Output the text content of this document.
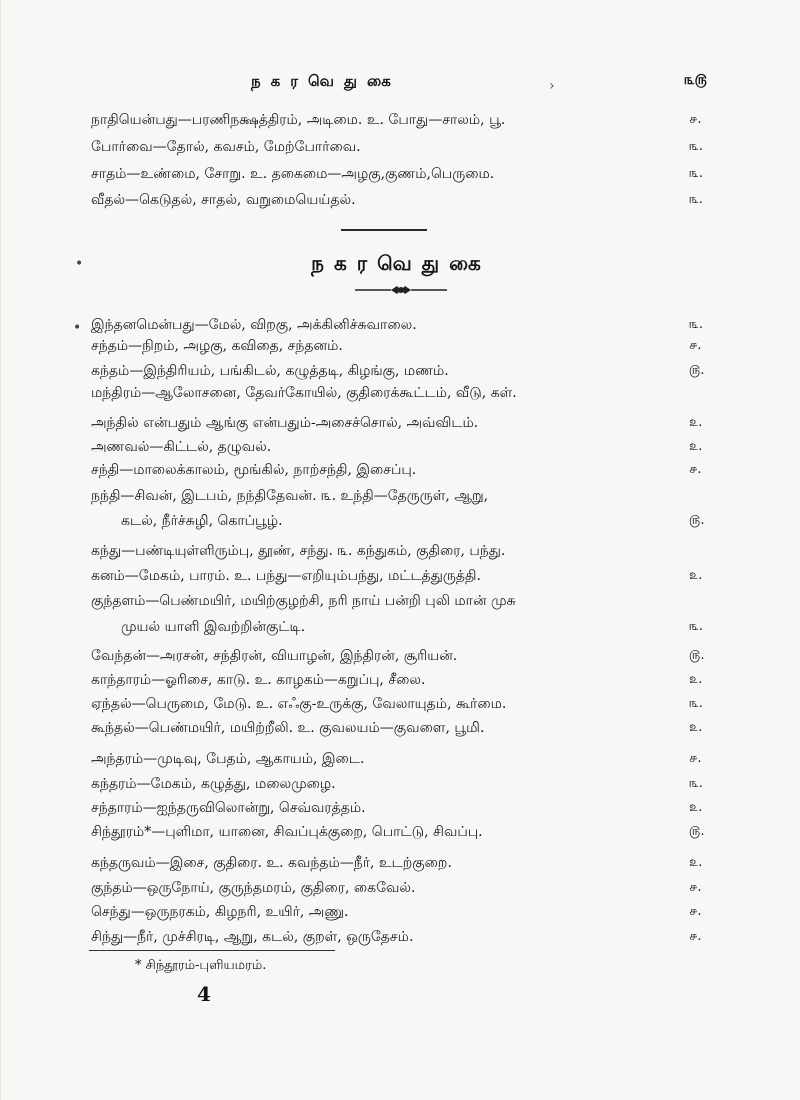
நகரவெதுகை	௩௫
நாதியென்பது—பரணிநக்ஷத்திரம், அடிமை. உ. போது—சாலம், பூ.	௪.
போர்வை—தோல், கவசம், மேற்போர்வை.	௩.
சாதம்—உண்மை, சோறு. உ. தகைமை—அழகு,குணம்,பெருமை.	௩.
வீதல்—கெடுதல், சாதல், வறுமையெய்தல்.	௩.
நகரவெதுகை
இந்தனமென்பது—மேல், விறகு, அக்கினிச்சுவாலை.	௩.
சந்தம்—நிறம், அழகு, கவிதை, சந்தனம்.	௪.
கந்தம்—இந்திரியம், பங்கிடல், கழுத்தடி, கிழங்கு, மணம்.	௫.
மந்திரம்—ஆலோசனை, தேவர்கோயில், குதிரைக்கூட்டம், வீடு, கள்.
அந்தில் என்பதும் ஆங்கு என்பதும்-அசைச்சொல், அவ்விடம்.	௨.
அணவல்—கிட்டல், தழுவல்.	௨.
சந்தி—மாலைக்காலம், மூங்கில், நாற்சந்தி, இசைப்பு.	௪.
நந்தி—சிவன், இடபம், நந்திதேவன். ௩. உந்தி—தேருருள், ஆறு,
கடல், நீர்ச்சுழி, கொப்பூழ்.	௫.
கந்து—பண்டியுள்ளிரும்பு, தூண், சந்து. ௩. கந்துகம், குதிரை, பந்து.
கனம்—மேகம், பாரம். உ. பந்து—எறியும்பந்து, மட்டத்துருத்தி.	௨.
குந்தளம்—பெண்மயிர், மயிற்குழற்சி, நரி நாய் பன்றி புலி மான் முசு
முயல் யாளி இவற்றின்குட்டி.	௩.
வேந்தன்—அரசன், சந்திரன், வியாழன், இந்திரன், சூரியன்.	௫.
காந்தாரம்—ஓரிசை, காடு. உ. காழகம்—கறுப்பு, சீலை.	௨.
ஏந்தல்—பெருமை, மேடு. உ. எஃகு-உருக்கு, வேலாயுதம், கூர்மை.	௩.
கூந்தல்—பெண்மயிர், மயிற்றீலி. உ. குவலயம்—குவளை, பூமி.	௨.
அந்தரம்—முடிவு, பேதம், ஆகாயம், இடை.	௪.
கந்தரம்—மேகம், கழுத்து, மலைமுழை.	௩.
சந்தாரம்—ஐந்தருவிலொன்று, செவ்வரத்தம்.	௨.
சிந்தூரம்*—புளிமா, யானை, சிவப்புக்குறை, பொட்டு, சிவப்பு.	௫.
கந்தருவம்—இசை, குதிரை. உ. கவந்தம்—நீர், உடற்குறை.	௨.
குந்தம்—ஒருநோய், குருந்தமரம், குதிரை, கைவேல்.	௪.
செந்து—ஒருநரகம், கிழநரி, உயிர், அணு.	௪.
சிந்து—நீர், முச்சிரடி, ஆறு, கடல், குறள், ஒருதேசம்.	௪.
* சிந்தூரம்-புளியமரம்.
4
•
•
›
